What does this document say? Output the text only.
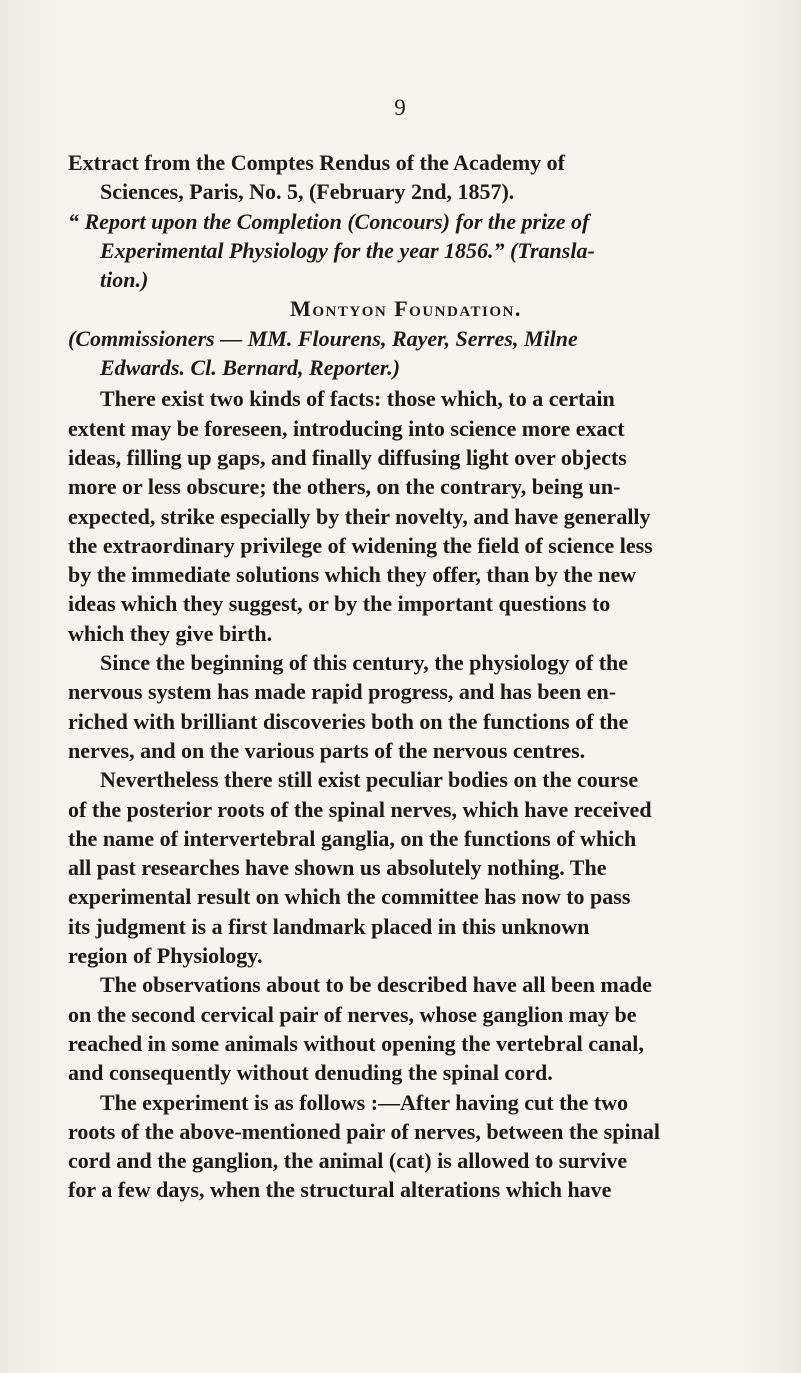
9
Extract from the Comptes Rendus of the Academy of
Sciences, Paris, No. 5, (February 2nd, 1857).
“ Report upon the Completion (Concours) for the prize of
Experimental Physiology for the year 1856.” (Transla-
tion.)
Montyon Foundation.
(Commissioners — MM. Flourens, Rayer, Serres, Milne
Edwards. Cl. Bernard, Reporter.)
There exist two kinds of facts: those which, to a certain
extent may be foreseen, introducing into science more exact
ideas, filling up gaps, and finally diffusing light over objects
more or less obscure; the others, on the contrary, being un-
expected, strike especially by their novelty, and have generally
the extraordinary privilege of widening the field of science less
by the immediate solutions which they offer, than by the new
ideas which they suggest, or by the important questions to
which they give birth.
Since the beginning of this century, the physiology of the
nervous system has made rapid progress, and has been en-
riched with brilliant discoveries both on the functions of the
nerves, and on the various parts of the nervous centres.
Nevertheless there still exist peculiar bodies on the course
of the posterior roots of the spinal nerves, which have received
the name of intervertebral ganglia, on the functions of which
all past researches have shown us absolutely nothing. The
experimental result on which the committee has now to pass
its judgment is a first landmark placed in this unknown
region of Physiology.
The observations about to be described have all been made
on the second cervical pair of nerves, whose ganglion may be
reached in some animals without opening the vertebral canal,
and consequently without denuding the spinal cord.
The experiment is as follows :—After having cut the two
roots of the above-mentioned pair of nerves, between the spinal
cord and the ganglion, the animal (cat) is allowed to survive
for a few days, when the structural alterations which have
